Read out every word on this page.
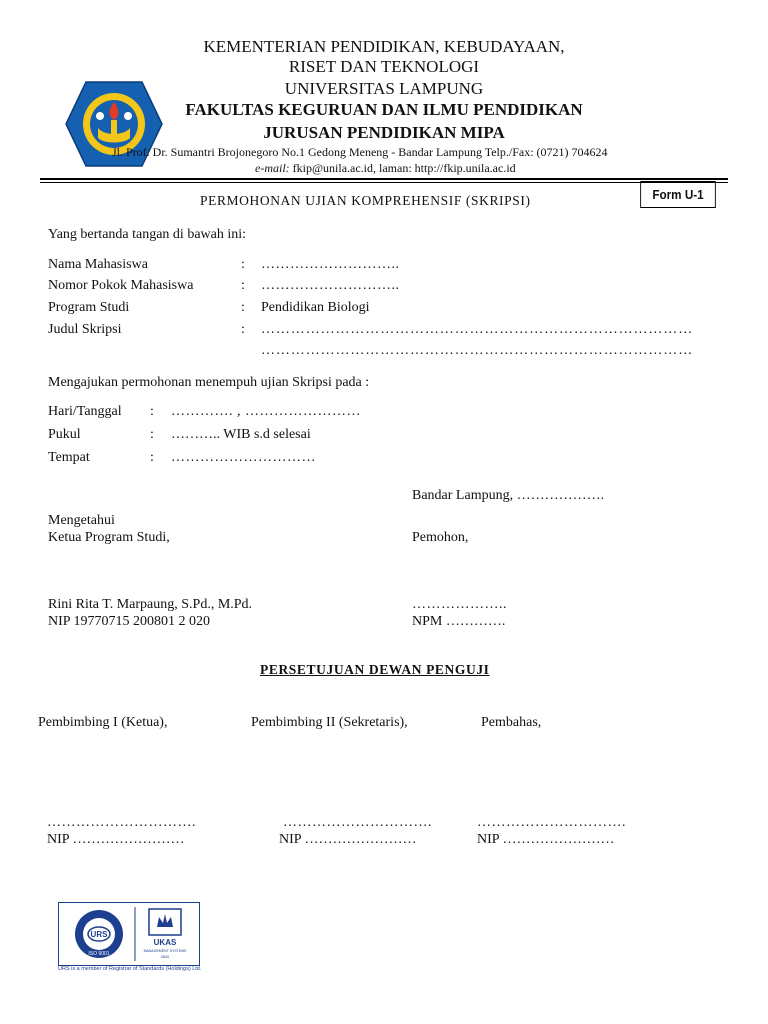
KEMENTERIAN PENDIDIKAN, KEBUDAYAAN,
RISET DAN TEKNOLOGI
UNIVERSITAS LAMPUNG
FAKULTAS KEGURUAN DAN ILMU PENDIDIKAN
JURUSAN PENDIDIKAN MIPA
Jl. Prof. Dr. Sumantri Brojonegoro No.1 Gedong Meneng - Bandar Lampung Telp./Fax: (0721) 704624
e-mail: fkip@unila.ac.id, laman: http://fkip.unila.ac.id
Form U-1
PERMOHONAN UJIAN KOMPREHENSIF (SKRIPSI)
Yang bertanda tangan di bawah ini:
Nama Mahasiswa	: ………………………..
Nomor Pokok Mahasiswa	: ………………………..
Program Studi	: Pendidikan Biologi
Judul Skripsi	: ……………………………………………………………………………
……………………………………………………………………………
Mengajukan permohonan menempuh ujian Skripsi pada :
Hari/Tanggal : …………. , ……………………
Pukul	: ……….. WIB s.d selesai
Tempat	: …………………………
Bandar Lampung, ……………….
Mengetahui
Ketua Program Studi,	Pemohon,
Rini Rita T. Marpaung, S.Pd., M.Pd.
NIP 19770715 200801 2 020
………………..
NPM ………….
PERSETUJUAN DEWAN PENGUJI
Pembimbing I (Ketua),	Pembimbing II (Sekretaris),	Pembahas,
………………………….	………………………….	………………………….
NIP ……………………	NIP ……………………	NIP ……………………
URS
ISO 9001
UKAS
MANAGEMENT SYSTEMS
0843
URS is a member of Registrar of Standards (Holdings) Ltd.
